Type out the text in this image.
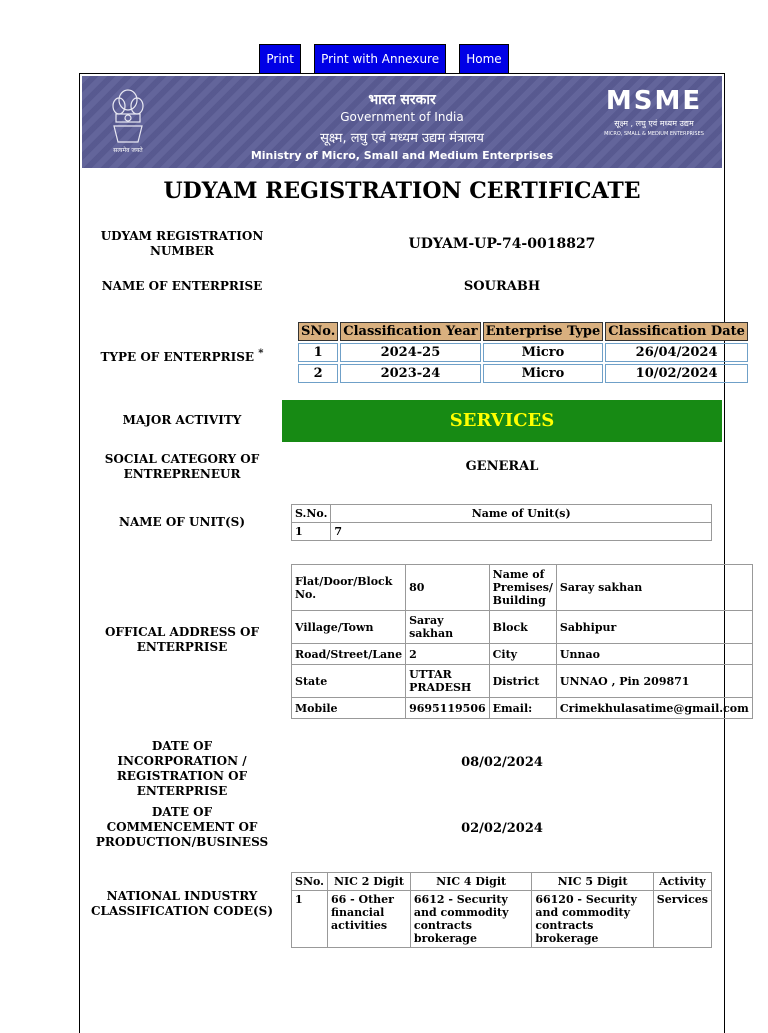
Print Print with Annexure Home
सत्यमेव जयते
भारत सरकार
Government of India
सूक्ष्म, लघु एवं मध्यम उद्यम मंत्रालय
Ministry of Micro, Small and Medium Enterprises
MSME
सूक्ष्म , लघु एवं मध्यम उद्यम
MICRO, SMALL & MEDIUM ENTERPRISES
UDYAM REGISTRATION CERTIFICATE
UDYAM REGISTRATION NUMBER	UDYAM-UP-74-0018827
NAME OF ENTERPRISE	SOURABH
TYPE OF ENTERPRISE *
SNo.	Classification Year	Enterprise Type	Classification Date
1	2024-25	Micro	26/04/2024
2	2023-24	Micro	10/02/2024
MAJOR ACTIVITY	SERVICES
SOCIAL CATEGORY OF ENTREPRENEUR	GENERAL
NAME OF UNIT(S)
S.No.	Name of Unit(s)
1	7
OFFICAL ADDRESS OF ENTERPRISE
Flat/Door/Block No.	80	Name of Premises/ Building	Saray sakhan
Village/Town	Saray sakhan	Block	Sabhipur
Road/Street/Lane	2	City	Unnao
State	UTTAR PRADESH	District	UNNAO , Pin 209871
Mobile	9695119506	Email:	Crimekhulasatime@gmail.com
DATE OF INCORPORATION / REGISTRATION OF ENTERPRISE
08/02/2024
DATE OF COMMENCEMENT OF PRODUCTION/BUSINESS
02/02/2024
NATIONAL INDUSTRY CLASSIFICATION CODE(S)
SNo.	NIC 2 Digit	NIC 4 Digit	NIC 5 Digit	Activity
1	66 - Other financial activities	6612 - Security and commodity contracts brokerage	66120 - Security and commodity contracts brokerage	Services
